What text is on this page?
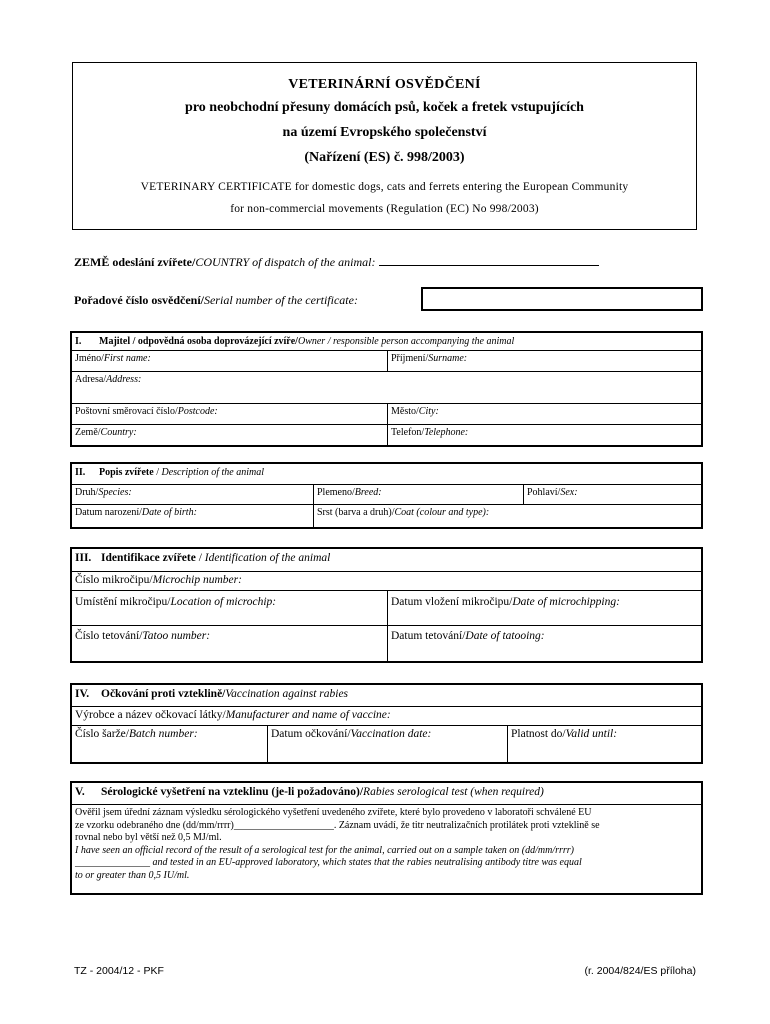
VETERINÁRNÍ OSVĚDČENÍ
pro neobchodní přesuny domácích psů, koček a fretek vstupujících
na území Evropského společenství
(Nařízení (ES) č. 998/2003)
VETERINARY CERTIFICATE for domestic dogs, cats and ferrets entering the European Community
for non-commercial movements (Regulation (EC) No 998/2003)
ZEMĚ odeslání zvířete/COUNTRY of dispatch of the animal:
Pořadové číslo osvědčení/Serial number of the certificate:
I. Majitel / odpovědná osoba doprovázející zvíře/Owner / responsible person accompanying the animal
Jméno/First name:	Příjmení/Surname:
Adresa/Address:
Poštovní směrovací číslo/Postcode:	Město/City:
Země/Country:	Telefon/Telephone:
II. Popis zvířete / Description of the animal
Druh/Species:	Plemeno/Breed:	Pohlaví/Sex:
Datum narození/Date of birth:	Srst (barva a druh)/Coat (colour and type):
III. Identifikace zvířete / Identification of the animal
Číslo mikročipu/Microchip number:
Umístění mikročipu/Location of microchip:	Datum vložení mikročipu/Date of microchipping:
Číslo tetování/Tatoo number:	Datum tetování/Date of tatooing:
IV. Očkování proti vzteklině/Vaccination against rabies
Výrobce a název očkovací látky/Manufacturer and name of vaccine:
Číslo šarže/Batch number:	Datum očkování/Vaccination date:	Platnost do/Valid until:
V. Sérologické vyšetření na vzteklinu (je-li požadováno)/Rabies serological test (when required)
Ověřil jsem úřední záznam výsledku sérologického vyšetření uvedeného zvířete, které bylo provedeno v laboratoři schválené EU
ze vzorku odebraného dne (dd/mm/rrrr)____________________. Záznam uvádí, že titr neutralizačních protilátek proti vzteklině se
rovnal nebo byl větší než 0,5 MJ/ml.
I have seen an official record of the result of a serological test for the animal, carried out on a sample taken on (dd/mm/rrrr)
_______________ and tested in an EU-approved laboratory, which states that the rabies neutralising antibody titre was equal
to or greater than 0,5 IU/ml.
TZ - 2004/12 - PKF	(r. 2004/824/ES příloha)
